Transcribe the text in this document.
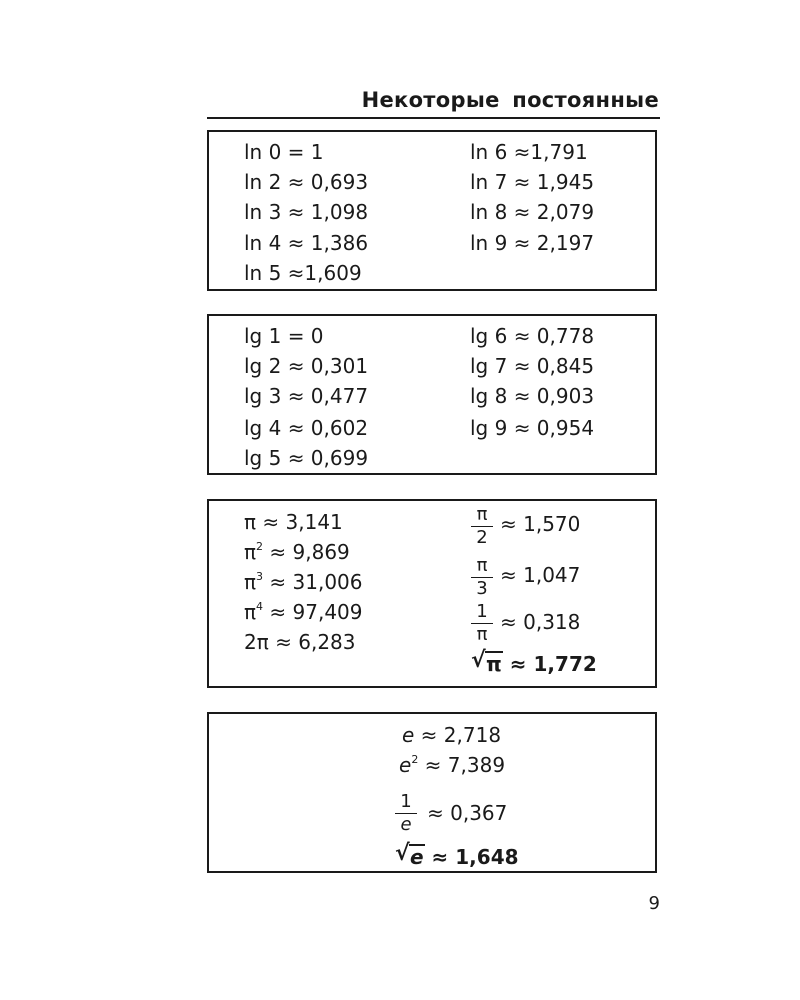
Некоторые постоянные
ln 0 = 1
ln 2 ≈ 0,693
ln 3 ≈ 1,098
ln 4 ≈ 1,386
ln 5 ≈1,609
ln 6 ≈1,791
ln 7 ≈ 1,945
ln 8 ≈ 2,079
ln 9 ≈ 2,197
lg 1 = 0
lg 2 ≈ 0,301
lg 3 ≈ 0,477
lg 4 ≈ 0,602
lg 5 ≈ 0,699
lg 6 ≈ 0,778
lg 7 ≈ 0,845
lg 8 ≈ 0,903
lg 9 ≈ 0,954
π ≈ 3,141
$\pi^2 \approx 9,869$
$\pi^3 \approx 31,006$
$\pi^4 \approx 97,409$
2π ≈ 6,283
$\frac{\pi}{2} \approx 1,570$
$\frac{\pi}{3} \approx 1,047$
$\frac{1}{\pi} \approx 0,318$
√ π ≈ 1,772
e ≈ 2,718
$e^2 \approx 7,389$
$\frac{1}{e} \approx 0,367$
√ e ≈ 1,648
9
